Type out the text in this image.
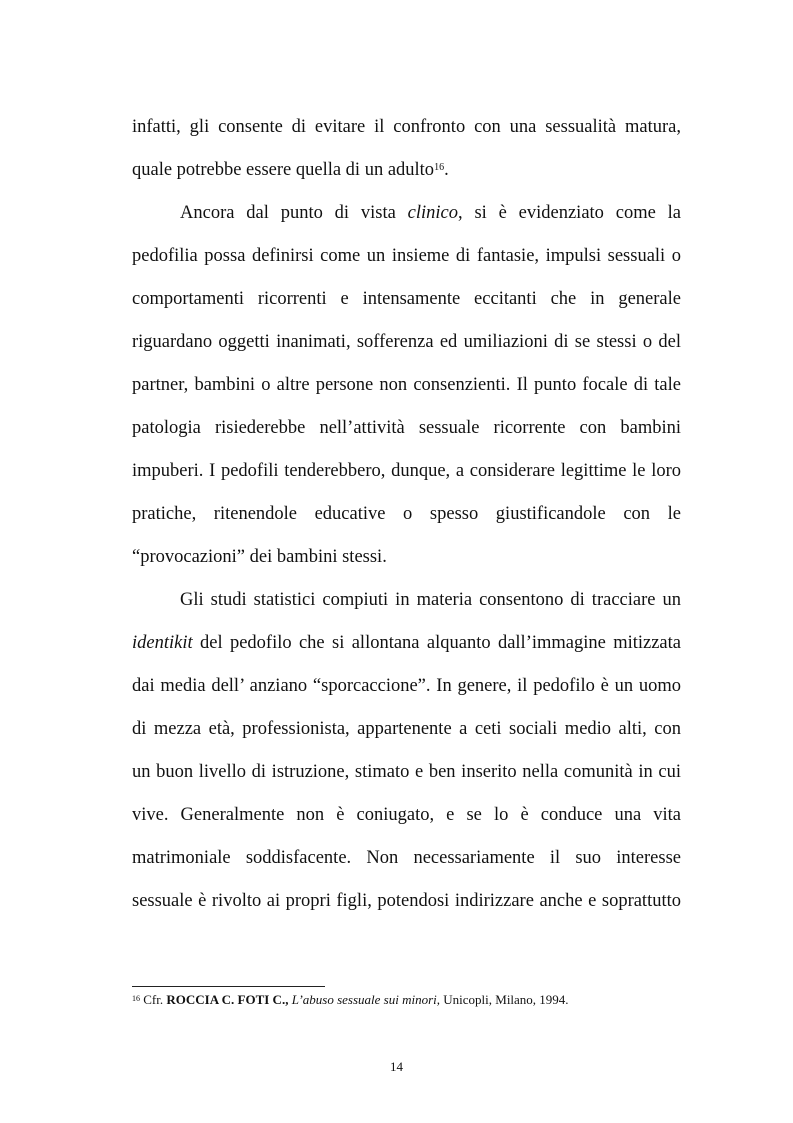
infatti, gli consente di evitare il confronto con una sessualità matura,

quale potrebbe essere quella di un adulto$^{16}$.

Ancora dal punto di vista clinico, si è evidenziato come la

pedofilia possa definirsi come un insieme di fantasie, impulsi sessuali o

comportamenti ricorrenti e intensamente eccitanti che in generale

riguardano oggetti inanimati, sofferenza ed umiliazioni di se stessi o del

partner, bambini o altre persone non consenzienti. Il punto focale di tale

patologia risiederebbe nell’attività sessuale ricorrente con bambini

impuberi. I pedofili tenderebbero, dunque, a considerare legittime le loro

pratiche, ritenendole educative o spesso giustificandole con le

“provocazioni” dei bambini stessi.

Gli studi statistici compiuti in materia consentono di tracciare un

identikit del pedofilo che si allontana alquanto dall’immagine mitizzata

dai media dell’ anziano “sporcaccione”. In genere, il pedofilo è un uomo

di mezza età, professionista, appartenente a ceti sociali medio alti, con

un buon livello di istruzione, stimato e ben inserito nella comunità in cui

vive. Generalmente non è coniugato, e se lo è conduce una vita

matrimoniale soddisfacente. Non necessariamente il suo interesse

sessuale è rivolto ai propri figli, potendosi indirizzare anche e soprattutto

$^{16}$ Cfr. ROCCIA C. FOTI C., L’abuso sessuale sui minori, Unicopli, Milano, 1994.

14
